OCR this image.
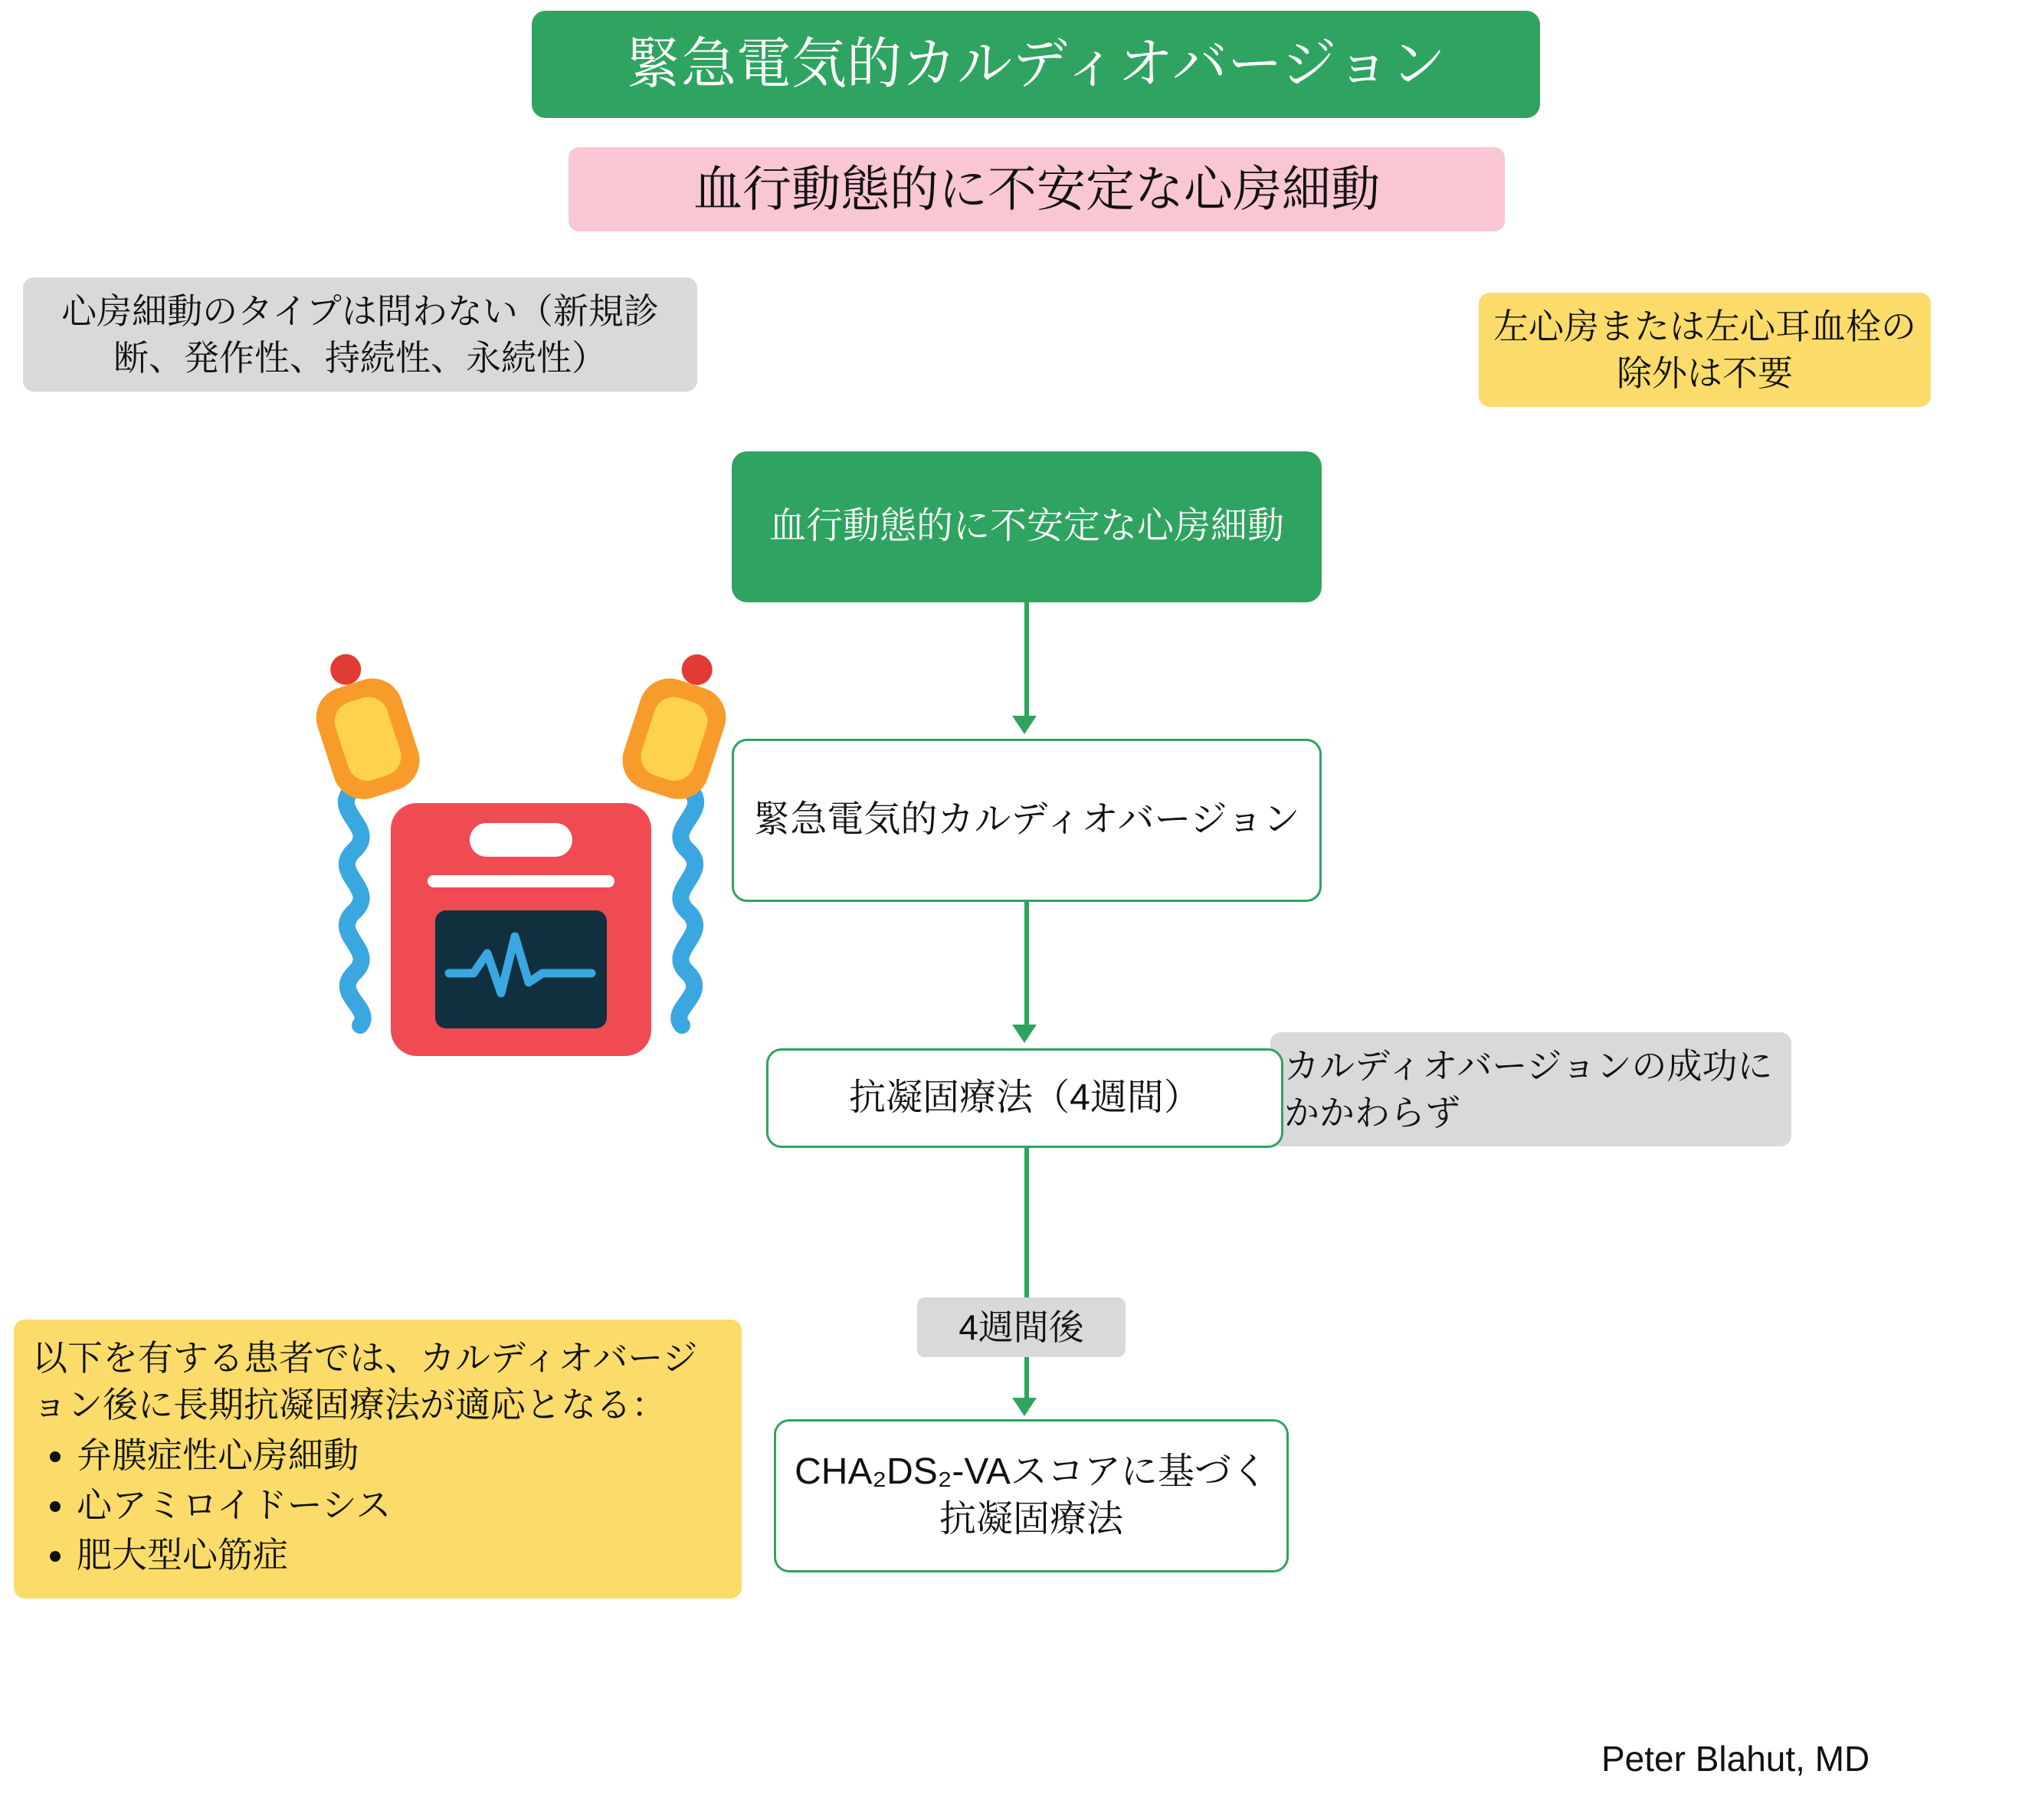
緊急電気的カルディオバージョン
血行動態的に不安定な心房細動
心房細動のタイプは問わない（新規診断、発作性、持続性、永続性）
左心房または左心耳血栓の除外は不要
カルディオバージョンの成功にかかわらず
以下を有する患者では、カルディオバージョン後に長期抗凝固療法が適応となる：
• 弁膜症性心房細動
• 心アミロイドーシス
• 肥大型心筋症
血行動態的に不安定な心房細動
緊急電気的カルディオバージョン
抗凝固療法（4週間）
CHA₂DS₂-VAスコアに基づく抗凝固療法
4週間後
Peter Blahut, MD
